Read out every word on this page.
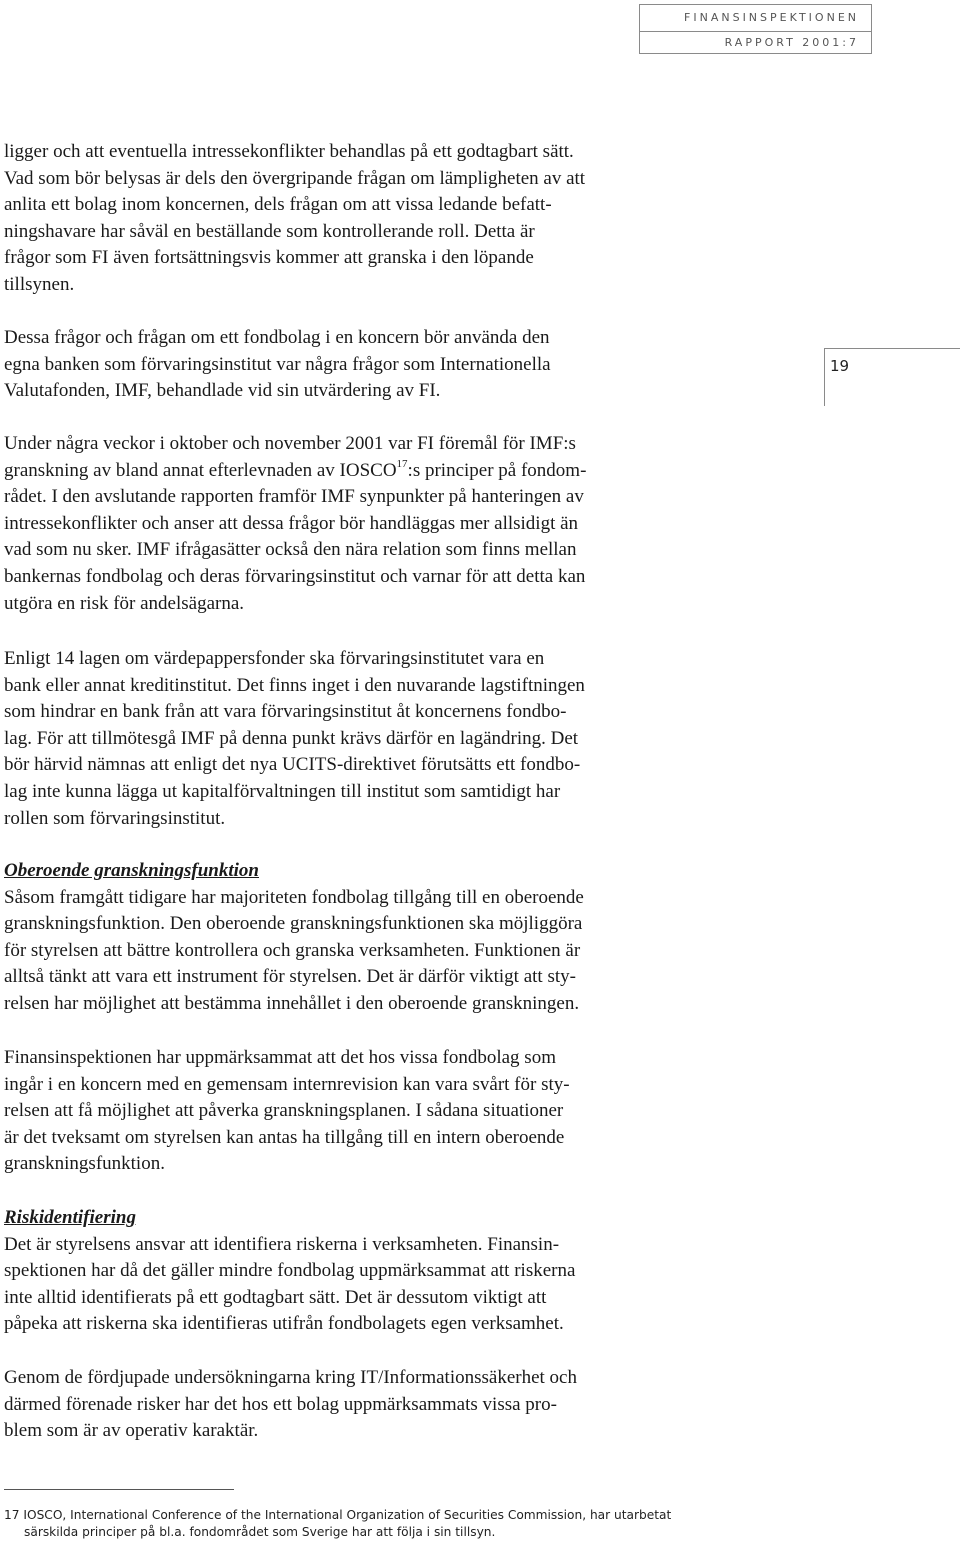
FINANSINSPEKTIONEN
RAPPORT 2001:7
19

ligger och att eventuella intressekonflikter behandlas på ett godtagbart sätt.
Vad som bör belysas är dels den övergripande frågan om lämpligheten av att
anlita ett bolag inom koncernen, dels frågan om att vissa ledande befatt-
ningshavare har såväl en beställande som kontrollerande roll. Detta är
frågor som FI även fortsättningsvis kommer att granska i den löpande
tillsynen.

Dessa frågor och frågan om ett fondbolag i en koncern bör använda den
egna banken som förvaringsinstitut var några frågor som Internationella
Valutafonden, IMF, behandlade vid sin utvärdering av FI.

Under några veckor i oktober och november 2001 var FI föremål för IMF:s
granskning av bland annat efterlevnaden av IOSCO$^{17}$:s principer på fondom-
rådet. I den avslutande rapporten framför IMF synpunkter på hanteringen av
intressekonflikter och anser att dessa frågor bör handläggas mer allsidigt än
vad som nu sker. IMF ifrågasätter också den nära relation som finns mellan
bankernas fondbolag och deras förvaringsinstitut och varnar för att detta kan
utgöra en risk för andelsägarna.

Enligt 14 lagen om värdepappersfonder ska förvaringsinstitutet vara en
bank eller annat kreditinstitut. Det finns inget i den nuvarande lagstiftningen
som hindrar en bank från att vara förvaringsinstitut åt koncernens fondbo-
lag. För att tillmötesgå IMF på denna punkt krävs därför en lagändring. Det
bör härvid nämnas att enligt det nya UCITS-direktivet förutsätts ett fondbo-
lag inte kunna lägga ut kapitalförvaltningen till institut som samtidigt har
rollen som förvaringsinstitut.

Oberoende granskningsfunktion
Såsom framgått tidigare har majoriteten fondbolag tillgång till en oberoende
granskningsfunktion. Den oberoende granskningsfunktionen ska möjliggöra
för styrelsen att bättre kontrollera och granska verksamheten. Funktionen är
alltså tänkt att vara ett instrument för styrelsen. Det är därför viktigt att sty-
relsen har möjlighet att bestämma innehållet i den oberoende granskningen.

Finansinspektionen har uppmärksammat att det hos vissa fondbolag som
ingår i en koncern med en gemensam internrevision kan vara svårt för sty-
relsen att få möjlighet att påverka granskningsplanen. I sådana situationer
är det tveksamt om styrelsen kan antas ha tillgång till en intern oberoende
granskningsfunktion.

Riskidentifiering
Det är styrelsens ansvar att identifiera riskerna i verksamheten. Finansin-
spektionen har då det gäller mindre fondbolag uppmärksammat att riskerna
inte alltid identifierats på ett godtagbart sätt. Det är dessutom viktigt att
påpeka att riskerna ska identifieras utifrån fondbolagets egen verksamhet.

Genom de fördjupade undersökningarna kring IT/Informationssäkerhet och
därmed förenade risker har det hos ett bolag uppmärksammats vissa pro-
blem som är av operativ karaktär.

17 IOSCO, International Conference of the International Organization of Securities Commission, har utarbetat
särskilda principer på bl.a. fondområdet som Sverige har att följa i sin tillsyn.
